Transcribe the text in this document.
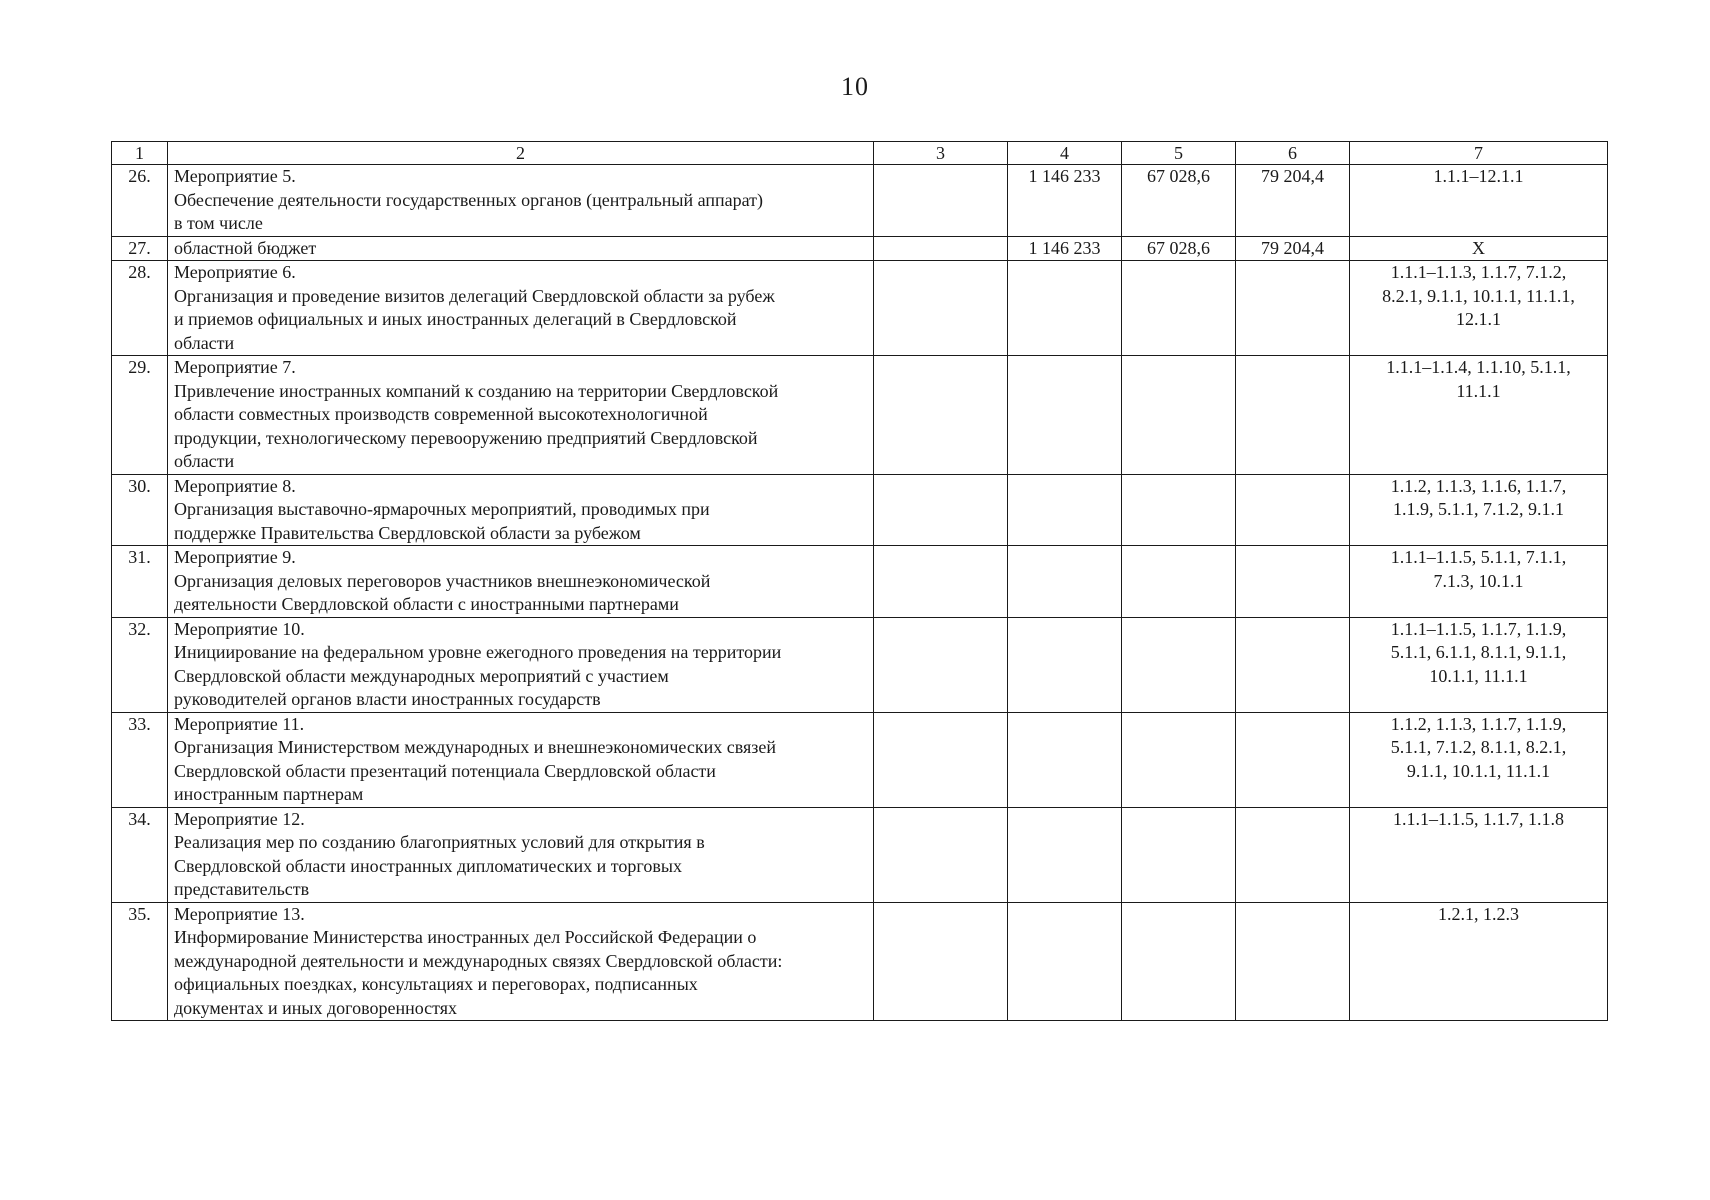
10
1	2	3	4	5	6	7
26.	Мероприятие 5.
Обеспечение деятельности государственных органов (центральный аппарат)
в том числе		1 146 233	67 028,6	79 204,4	1.1.1–12.1.1

27.	областной бюджет		1 146 233	67 028,6	79 204,4	Х

28.	Мероприятие 6.
Организация и проведение визитов делегаций Свердловской области за рубеж
и приемов официальных и иных иностранных делегаций в Свердловской
области					1.1.1–1.1.3, 1.1.7, 7.1.2,
8.2.1, 9.1.1, 10.1.1, 11.1.1,
12.1.1

29.	Мероприятие 7.
Привлечение иностранных компаний к созданию на территории Свердловской
области совместных производств современной высокотехнологичной
продукции, технологическому перевооружению предприятий Свердловской
области					1.1.1–1.1.4, 1.1.10, 5.1.1,
11.1.1

30.	Мероприятие 8.
Организация выставочно-ярмарочных мероприятий, проводимых при
поддержке Правительства Свердловской области за рубежом					1.1.2, 1.1.3, 1.1.6, 1.1.7,
1.1.9, 5.1.1, 7.1.2, 9.1.1

31.	Мероприятие 9.
Организация деловых переговоров участников внешнеэкономической
деятельности Свердловской области с иностранными партнерами					1.1.1–1.1.5, 5.1.1, 7.1.1,
7.1.3, 10.1.1

32.	Мероприятие 10.
Инициирование на федеральном уровне ежегодного проведения на территории
Свердловской области международных мероприятий с участием
руководителей органов власти иностранных государств					1.1.1–1.1.5, 1.1.7, 1.1.9,
5.1.1, 6.1.1, 8.1.1, 9.1.1,
10.1.1, 11.1.1

33.	Мероприятие 11.
Организация Министерством международных и внешнеэкономических связей
Свердловской области презентаций потенциала Свердловской области
иностранным партнерам					1.1.2, 1.1.3, 1.1.7, 1.1.9,
5.1.1, 7.1.2, 8.1.1, 8.2.1,
9.1.1, 10.1.1, 11.1.1

34.	Мероприятие 12.
Реализация мер по созданию благоприятных условий для открытия в
Свердловской области иностранных дипломатических и торговых
представительств					1.1.1–1.1.5, 1.1.7, 1.1.8

35.	Мероприятие 13.
Информирование Министерства иностранных дел Российской Федерации о
международной деятельности и международных связях Свердловской области:
официальных поездках, консультациях и переговорах, подписанных
документах и иных договоренностях					1.2.1, 1.2.3
